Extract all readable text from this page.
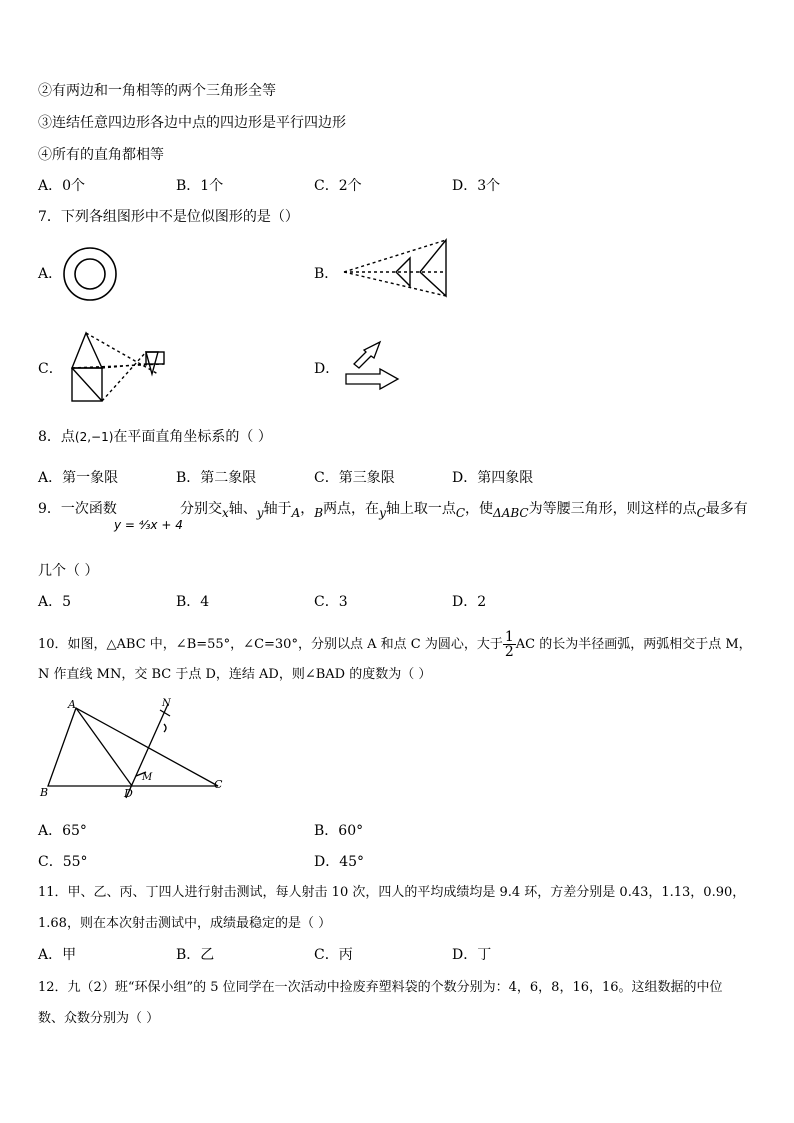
②有两边和一角相等的两个三角形全等
③连结任意四边形各边中点的四边形是平行四边形
④所有的直角都相等
A．0个	B．1个	C．2个	D．3个
7．下列各组图形中不是位似图形的是（）
A．	B．
C．	D．
8．点(2,−1)在平面直角坐标系的（ ）
A．第一象限	B．第二象限	C．第三象限	D．第四象限
9．一次函数
y = ⁴⁄₃x + 4
分别交x轴、y轴于A，B两点，在y轴上取一点C，使ΔABC为等腰三角形，则这样的点C最多有
几个（ ）
A．5	B．4	C．3	D．2
10．如图，△ABC 中，∠B=55°，∠C=30°，分别以点 A 和点 C 为圆心，大于 $\frac{1}{2}$ AC 的长为半径画弧，两弧相交于点 M，
N 作直线 MN，交 BC 于点 D，连结 AD，则∠BAD 的度数为（ ）
A
B
C
D
M
N
A．65°	B．60°
C．55°	D．45°
11．甲、乙、丙、丁四人进行射击测试，每人射击 10 次，四人的平均成绩均是 9.4 环，方差分别是 0.43，1.13，0.90，
1.68，则在本次射击测试中，成绩最稳定的是（ ）
A．甲	B．乙	C．丙	D．丁
12．九（2）班“环保小组”的 5 位同学在一次活动中捡废弃塑料袋的个数分别为：4，6，8，16，16。这组数据的中位
数、众数分别为（ ）
